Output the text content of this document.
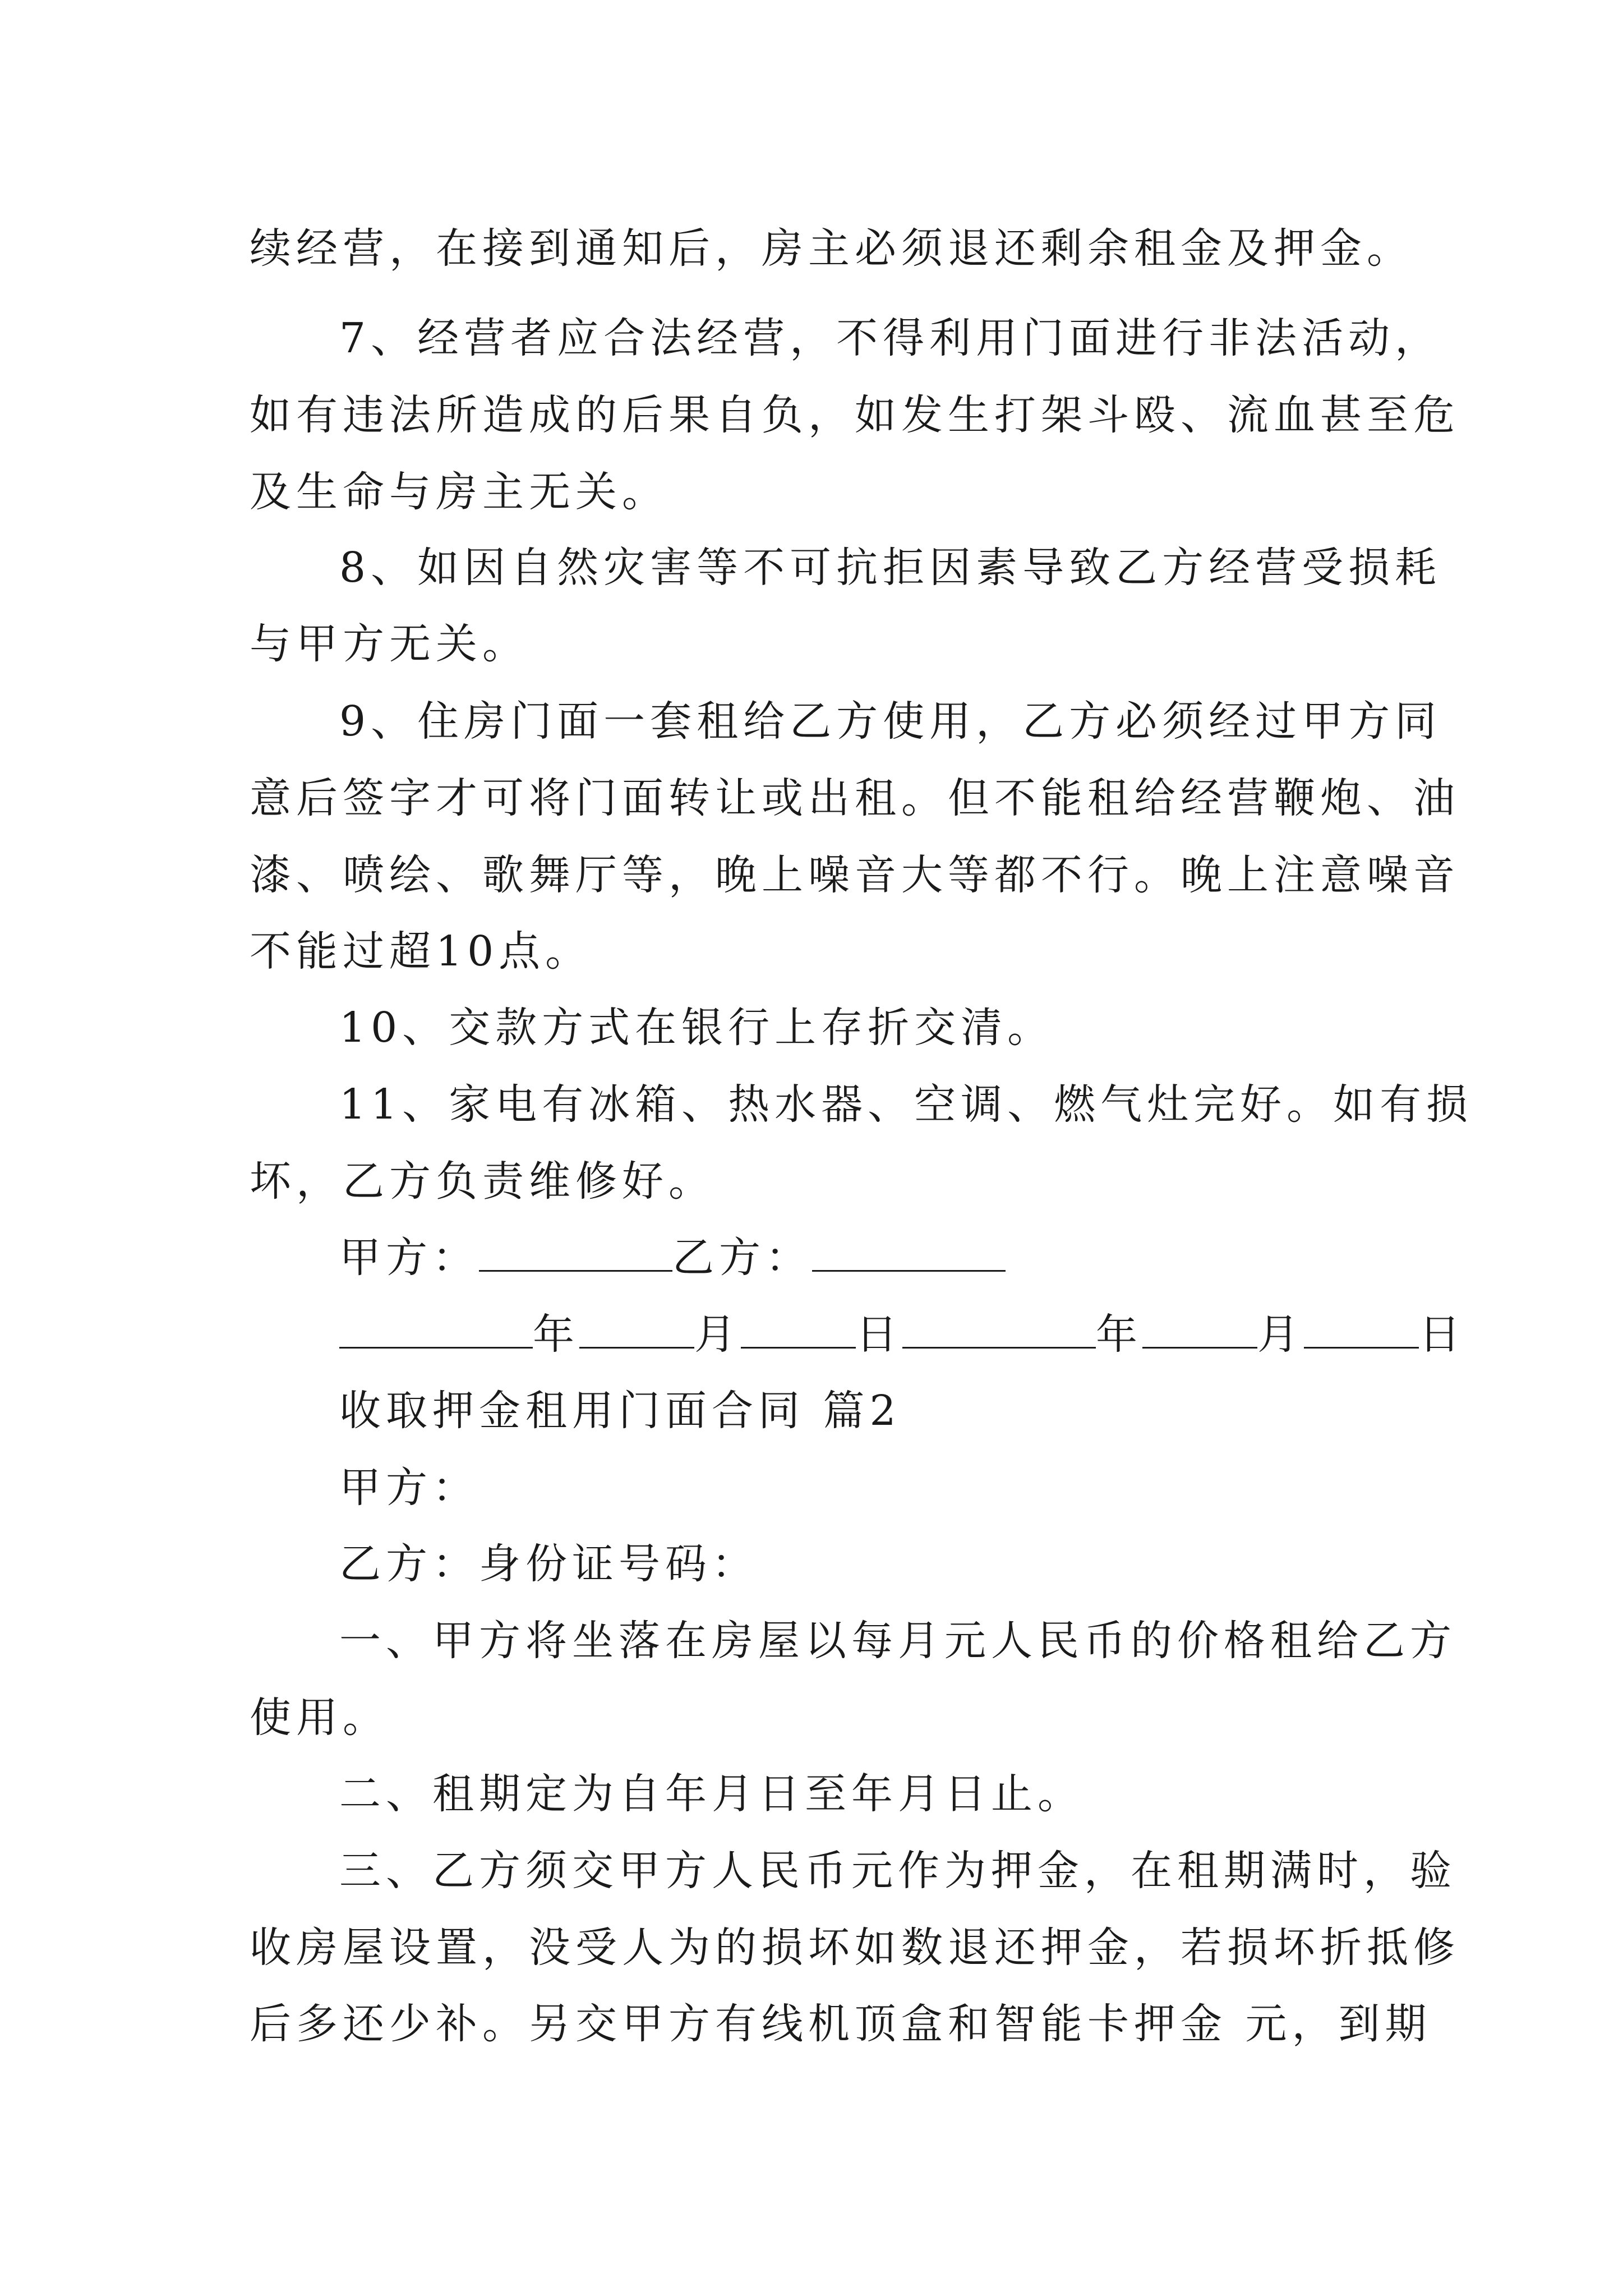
续经营，在接到通知后，房主必须退还剩余租金及押金。
7、经营者应合法经营，不得利用门面进行非法活动，
如有违法所造成的后果自负，如发生打架斗殴、流血甚至危
及生命与房主无关。
8、如因自然灾害等不可抗拒因素导致乙方经营受损耗
与甲方无关。
9、住房门面一套租给乙方使用，乙方必须经过甲方同
意后签字才可将门面转让或出租。但不能租给经营鞭炮、油
漆、喷绘、歌舞厅等，晚上噪音大等都不行。晚上注意噪音
不能过超10点。
10、交款方式在银行上存折交清。
11、家电有冰箱、热水器、空调、燃气灶完好。如有损
坏，乙方负责维修好。
甲方：	乙方：
年	月	日	年	月	日
收取押金租用门面合同 篇2
甲方：
乙方：身份证号码：
一、甲方将坐落在房屋以每月元人民币的价格租给乙方
使用。
二、租期定为自年月日至年月日止。
三、乙方须交甲方人民币元作为押金，在租期满时，验
收房屋设置，没受人为的损坏如数退还押金，若损坏折抵修
后多还少补。另交甲方有线机顶盒和智能卡押金 元，到期
